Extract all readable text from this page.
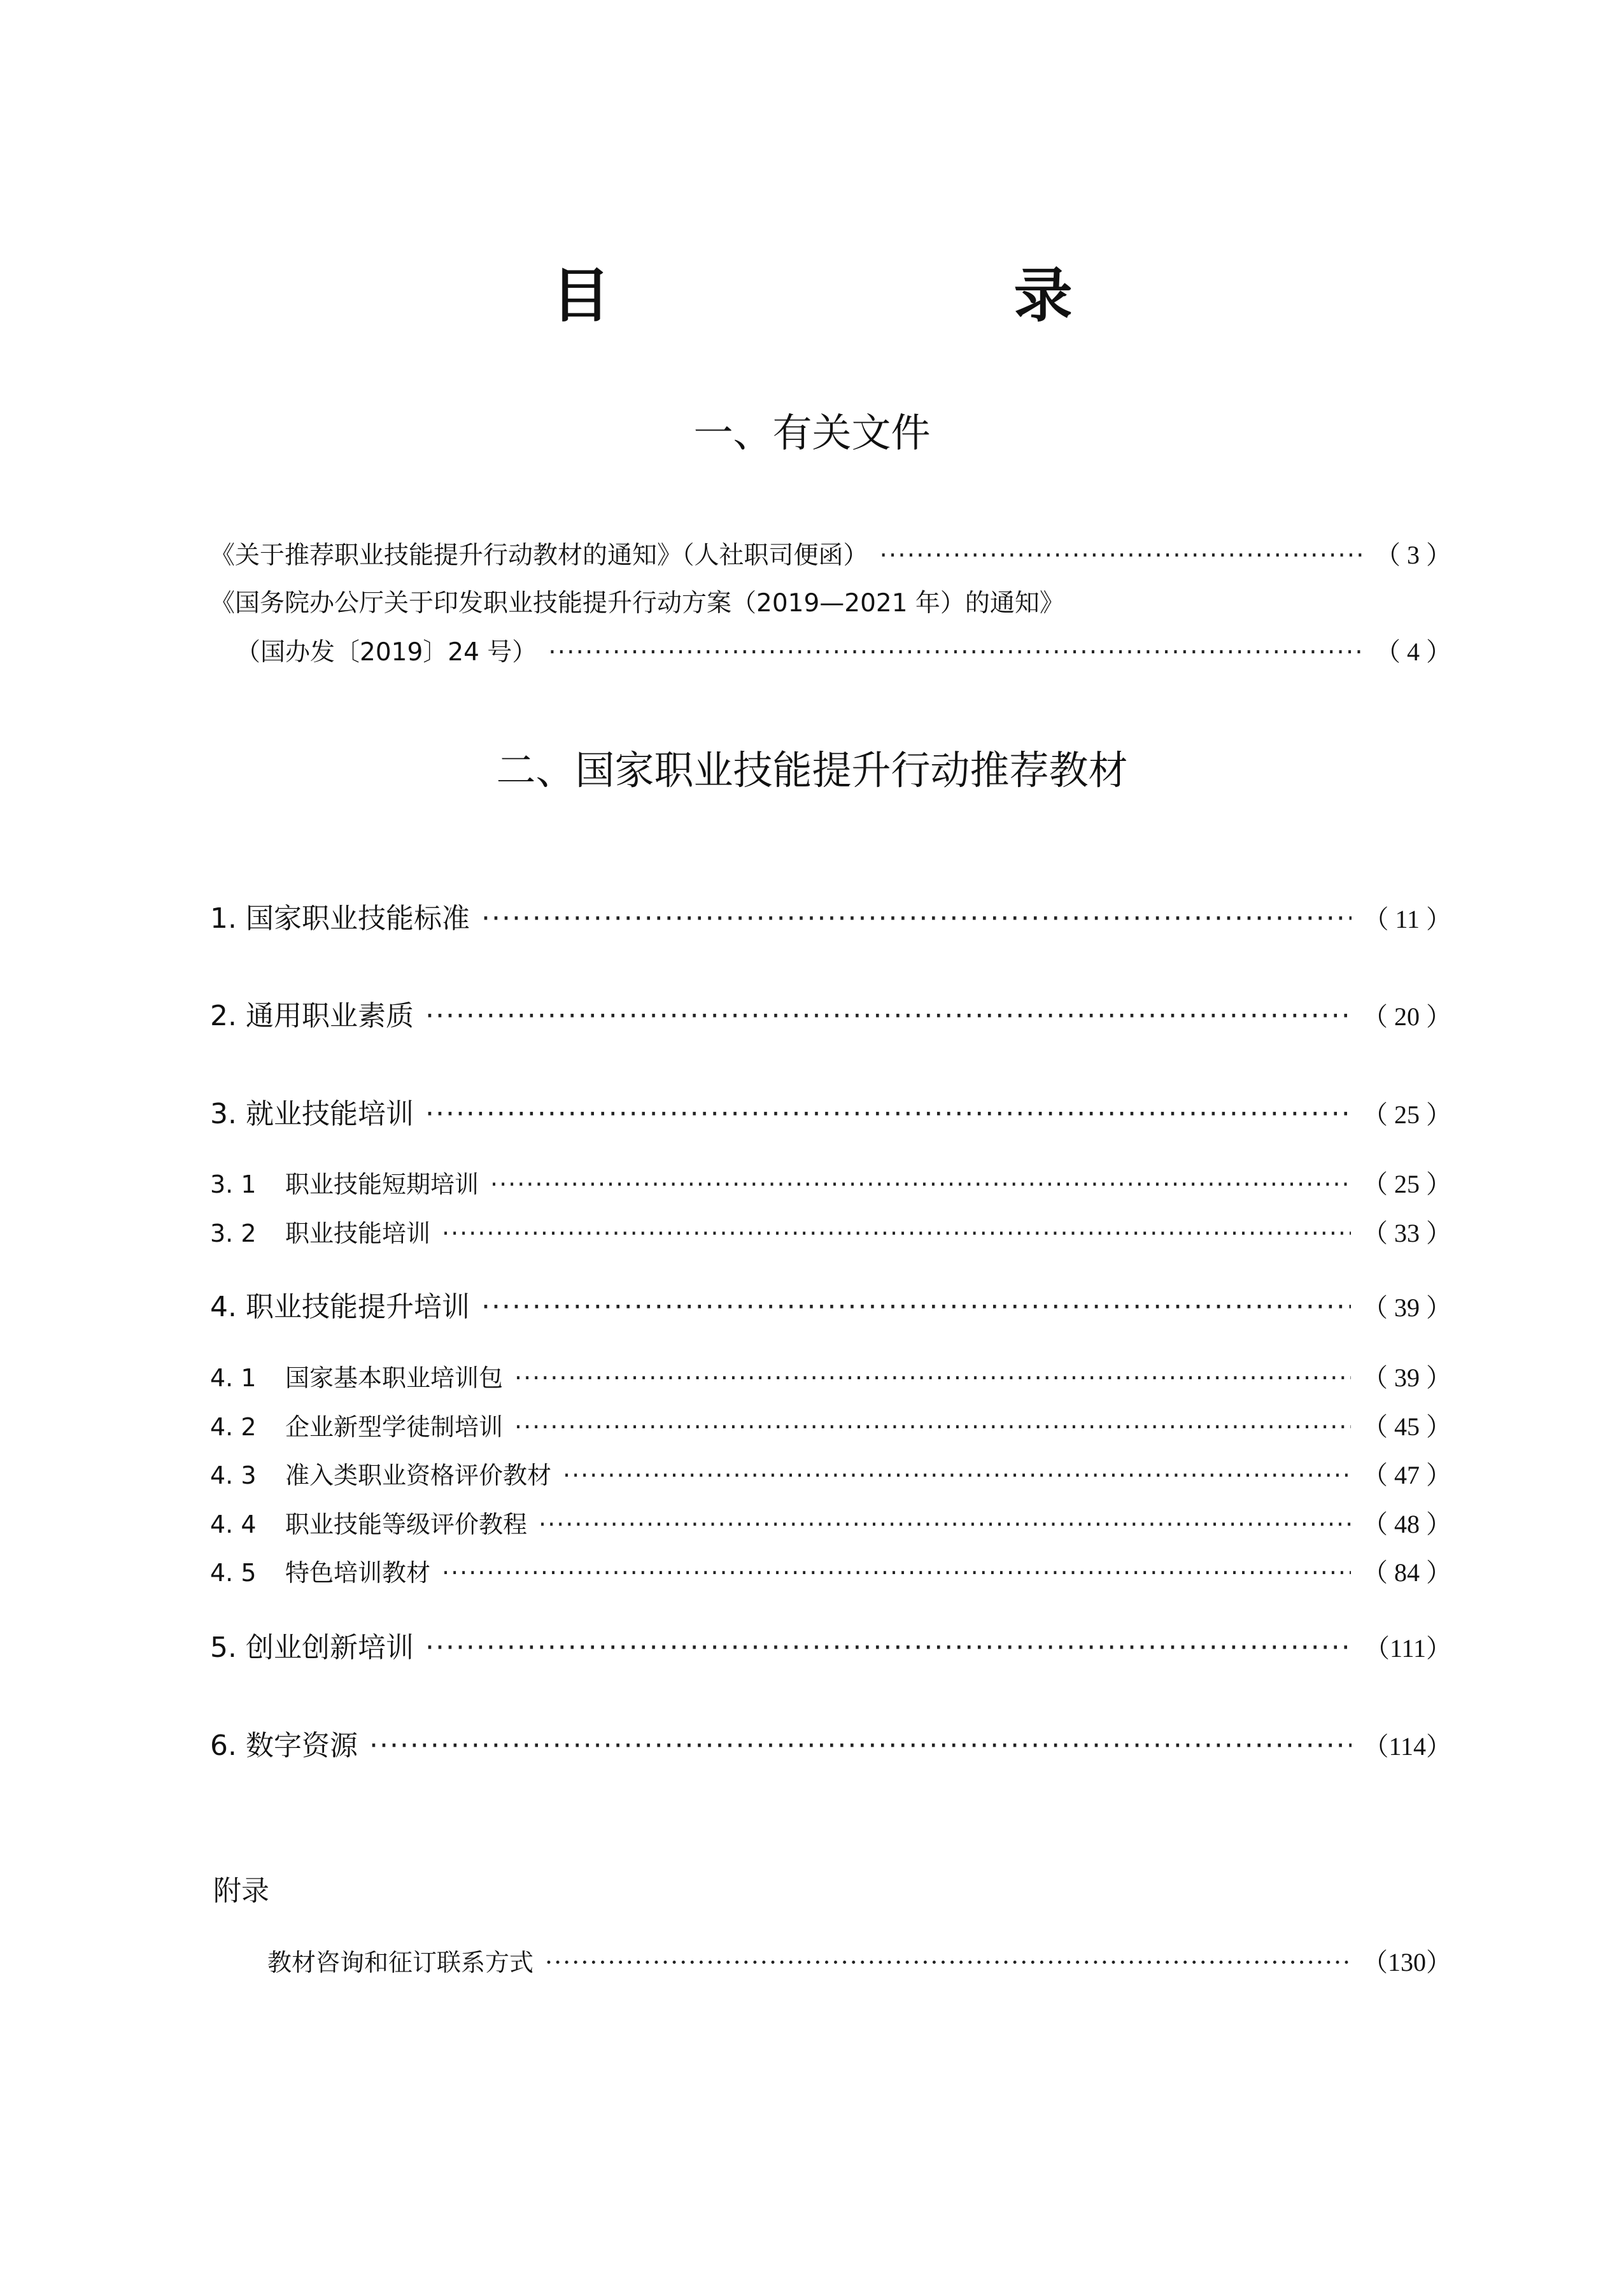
目　　录
一、有关文件
《关于推荐职业技能提升行动教材的通知》（人社职司便函） ·····	（ 3 ）
《国务院办公厅关于印发职业技能提升行动方案（2019—2021 年）的通知》
（国办发〔2019〕24 号） ·····	（ 4 ）
二、国家职业技能提升行动推荐教材
1. 国家职业技能标准 ·····	（ 11 ）
2. 通用职业素质 ·····	（ 20 ）
3. 就业技能培训 ·····	（ 25 ）
3. 1 职业技能短期培训 ·····	（ 25 ）
3. 2 职业技能培训 ·····	（ 33 ）
4. 职业技能提升培训 ·····	（ 39 ）
4. 1 国家基本职业培训包 ·····	（ 39 ）
4. 2 企业新型学徒制培训 ·····	（ 45 ）
4. 3 准入类职业资格评价教材 ·····	（ 47 ）
4. 4 职业技能等级评价教程 ·····	（ 48 ）
4. 5 特色培训教材 ·····	（ 84 ）
5. 创业创新培训 ·····	（111）
6. 数字资源 ·····	（114）
附录
教材咨询和征订联系方式 ·····	（130）
